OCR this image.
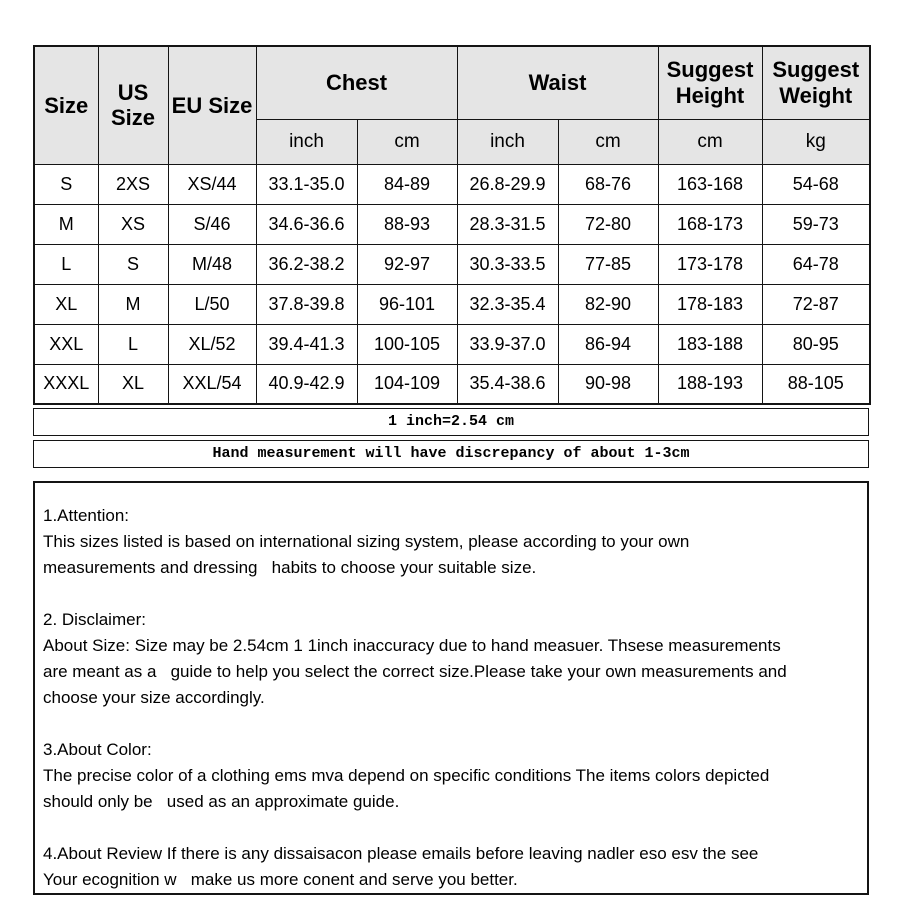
Size	US Size	EU Size	Chest		Waist		Suggest Height	Suggest Weight
			inch	cm	inch	cm	cm	kg
S	2XS	XS/44	33.1-35.0	84-89	26.8-29.9	68-76	163-168	54-68
M	XS	S/46	34.6-36.6	88-93	28.3-31.5	72-80	168-173	59-73
L	S	M/48	36.2-38.2	92-97	30.3-33.5	77-85	173-178	64-78
XL	M	L/50	37.8-39.8	96-101	32.3-35.4	82-90	178-183	72-87
XXL	L	XL/52	39.4-41.3	100-105	33.9-37.0	86-94	183-188	80-95
XXXL	XL	XXL/54	40.9-42.9	104-109	35.4-38.6	90-98	188-193	88-105
1 inch=2.54 cm
Hand measurement will have discrepancy of about 1-3cm
1.Attention:
This sizes listed is based on international sizing system, please according to your own
measurements and dressing   habits to choose your suitable size.
2. Disclaimer:
About Size: Size may be 2.54cm 1 1inch inaccuracy due to hand measuer. Thsese measurements
are meant as a   guide to help you select the correct size.Please take your own measurements and
choose your size accordingly.
3.About Color:
The precise color of a clothing ems mva depend on specific conditions The items colors depicted
should only be   used as an approximate guide.
4.About Review If there is any dissaisacon please emails before leaving nadler eso esv the see
Your ecognition w   make us more conent and serve you better.
